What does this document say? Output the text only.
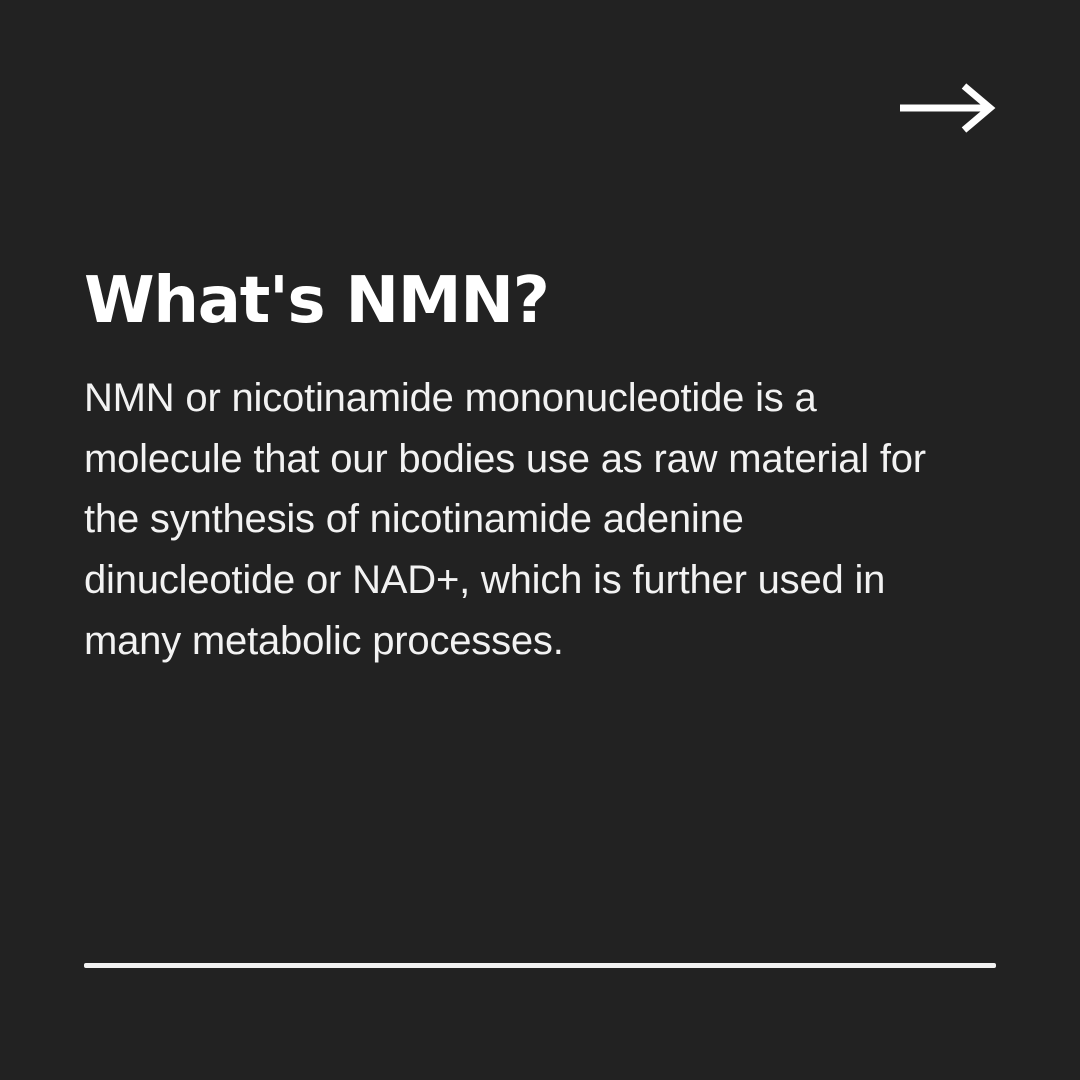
What's NMN?

NMN or nicotinamide mononucleotide is a molecule that our bodies use as raw material for the synthesis of nicotinamide adenine dinucleotide or NAD+, which is further used in many metabolic processes.
